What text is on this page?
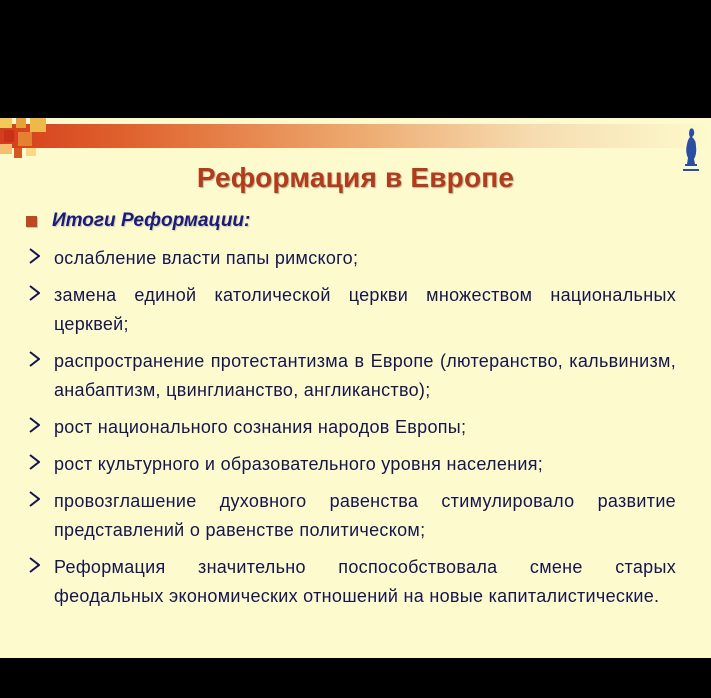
Реформация в Европе
Итоги Реформации:
ослабление власти папы римского;
замена единой католической церкви множеством национальных церквей;
распространение протестантизма в Европе (лютеранство, кальвинизм, анабаптизм, цвинглианство, англиканство);
рост национального сознания народов Европы;
рост культурного и образовательного уровня населения;
провозглашение духовного равенства стимулировало развитие представлений о равенстве политическом;
Реформация значительно поспособствовала смене старых феодальных экономических отношений на новые капиталистические.
